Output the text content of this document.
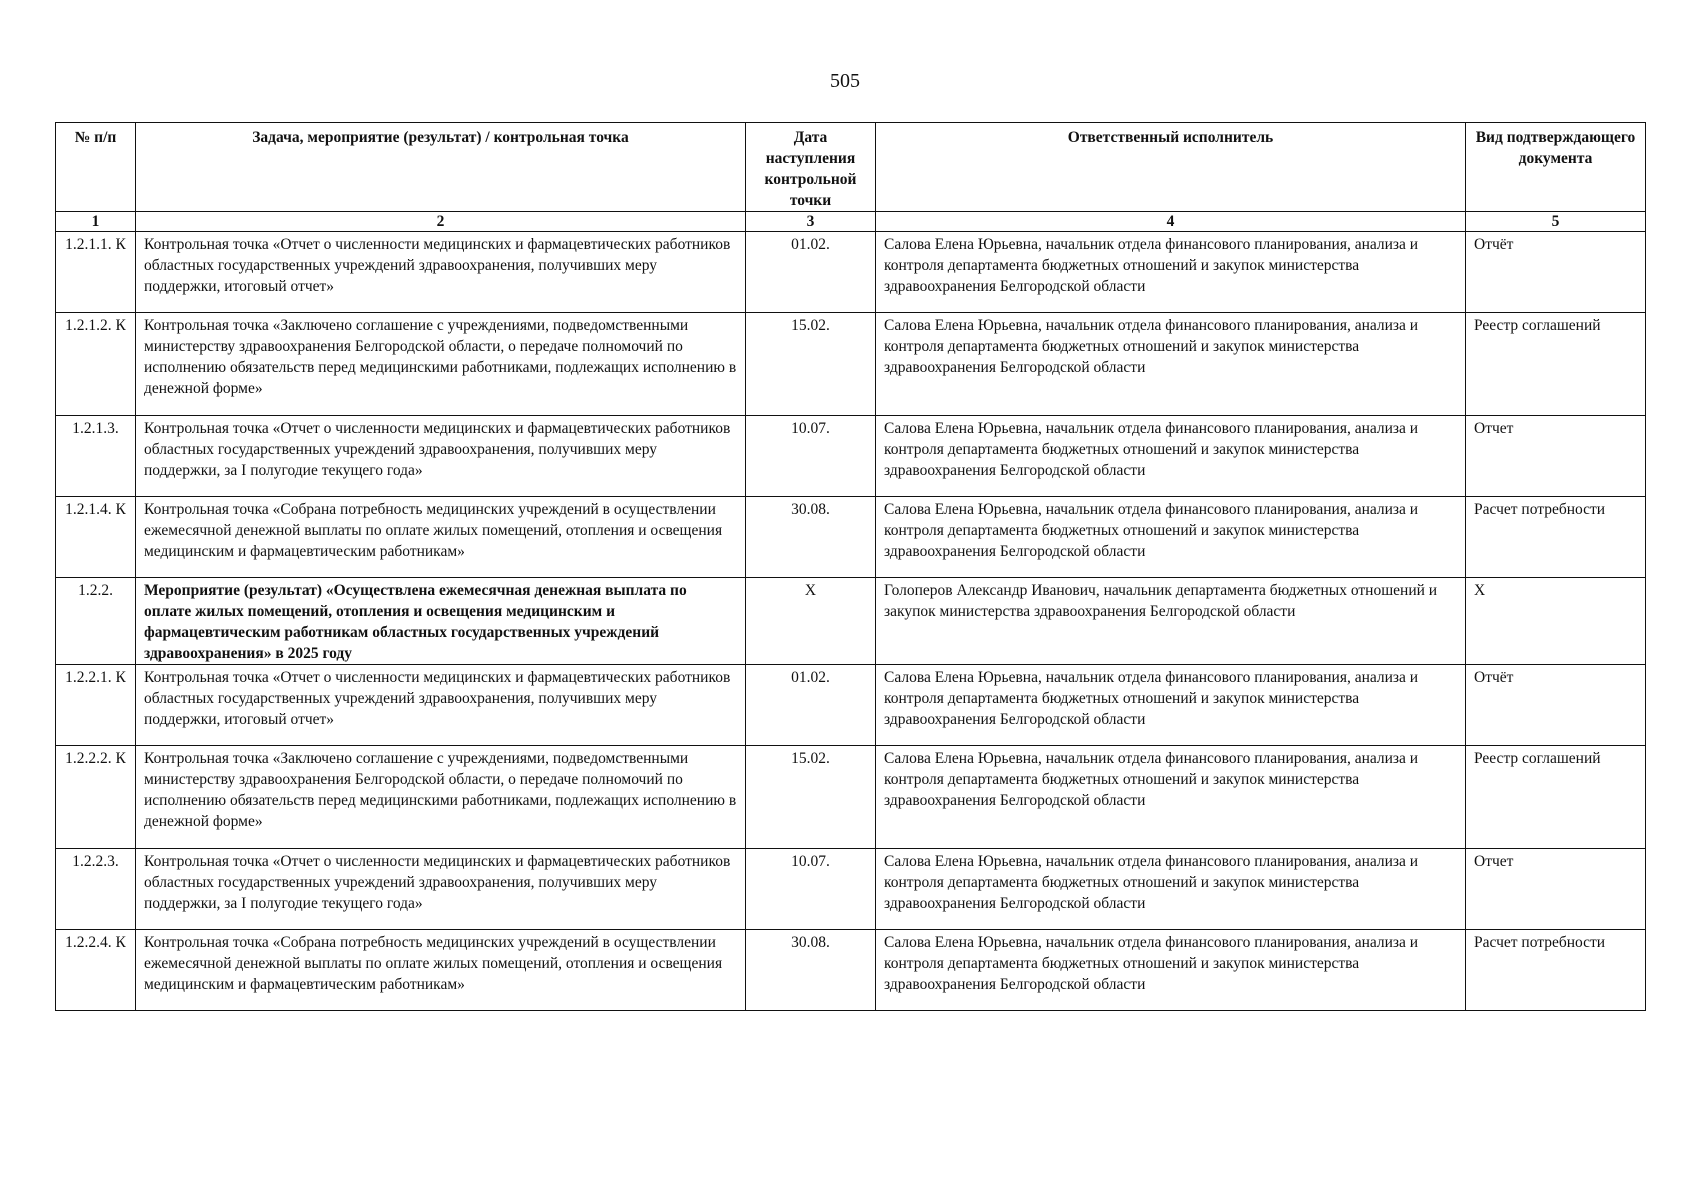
505
№ п/п	Задача, мероприятие (результат) / контрольная точка	Дата наступления контрольной точки	Ответственный исполнитель	Вид подтверждающего документа
1	2	3	4	5
1.2.1.1. К	Контрольная точка «Отчет о численности медицинских и фармацевтических работников областных государственных учреждений здравоохранения, получивших меру поддержки, итоговый отчет»	01.02.	Салова Елена Юрьевна, начальник отдела финансового планирования, анализа и контроля департамента бюджетных отношений и закупок министерства здравоохранения Белгородской области	Отчёт
1.2.1.2. К	Контрольная точка «Заключено соглашение с учреждениями, подведомственными министерству здравоохранения Белгородской области, о передаче полномочий по исполнению обязательств перед медицинскими работниками, подлежащих исполнению в денежной форме»	15.02.	Салова Елена Юрьевна, начальник отдела финансового планирования, анализа и контроля департамента бюджетных отношений и закупок министерства здравоохранения Белгородской области	Реестр соглашений
1.2.1.3.	Контрольная точка «Отчет о численности медицинских и фармацевтических работников областных государственных учреждений здравоохранения, получивших меру поддержки, за I полугодие текущего года»	10.07.	Салова Елена Юрьевна, начальник отдела финансового планирования, анализа и контроля департамента бюджетных отношений и закупок министерства здравоохранения Белгородской области	Отчет
1.2.1.4. К	Контрольная точка «Собрана потребность медицинских учреждений в осуществлении ежемесячной денежной выплаты по оплате жилых помещений, отопления и освещения медицинским и фармацевтическим работникам»	30.08.	Салова Елена Юрьевна, начальник отдела финансового планирования, анализа и контроля департамента бюджетных отношений и закупок министерства здравоохранения Белгородской области	Расчет потребности
1.2.2.	Мероприятие (результат) «Осуществлена ежемесячная денежная выплата по оплате жилых помещений, отопления и освещения медицинским и фармацевтическим работникам областных государственных учреждений здравоохранения» в 2025 году	Х	Голоперов Александр Иванович, начальник департамента бюджетных отношений и закупок министерства здравоохранения Белгородской области	Х
1.2.2.1. К	Контрольная точка «Отчет о численности медицинских и фармацевтических работников областных государственных учреждений здравоохранения, получивших меру поддержки, итоговый отчет»	01.02.	Салова Елена Юрьевна, начальник отдела финансового планирования, анализа и контроля департамента бюджетных отношений и закупок министерства здравоохранения Белгородской области	Отчёт
1.2.2.2. К	Контрольная точка «Заключено соглашение с учреждениями, подведомственными министерству здравоохранения Белгородской области, о передаче полномочий по исполнению обязательств перед медицинскими работниками, подлежащих исполнению в денежной форме»	15.02.	Салова Елена Юрьевна, начальник отдела финансового планирования, анализа и контроля департамента бюджетных отношений и закупок министерства здравоохранения Белгородской области	Реестр соглашений
1.2.2.3.	Контрольная точка «Отчет о численности медицинских и фармацевтических работников областных государственных учреждений здравоохранения, получивших меру поддержки, за I полугодие текущего года»	10.07.	Салова Елена Юрьевна, начальник отдела финансового планирования, анализа и контроля департамента бюджетных отношений и закупок министерства здравоохранения Белгородской области	Отчет
1.2.2.4. К	Контрольная точка «Собрана потребность медицинских учреждений в осуществлении ежемесячной денежной выплаты по оплате жилых помещений, отопления и освещения медицинским и фармацевтическим работникам»	30.08.	Салова Елена Юрьевна, начальник отдела финансового планирования, анализа и контроля департамента бюджетных отношений и закупок министерства здравоохранения Белгородской области	Расчет потребности
